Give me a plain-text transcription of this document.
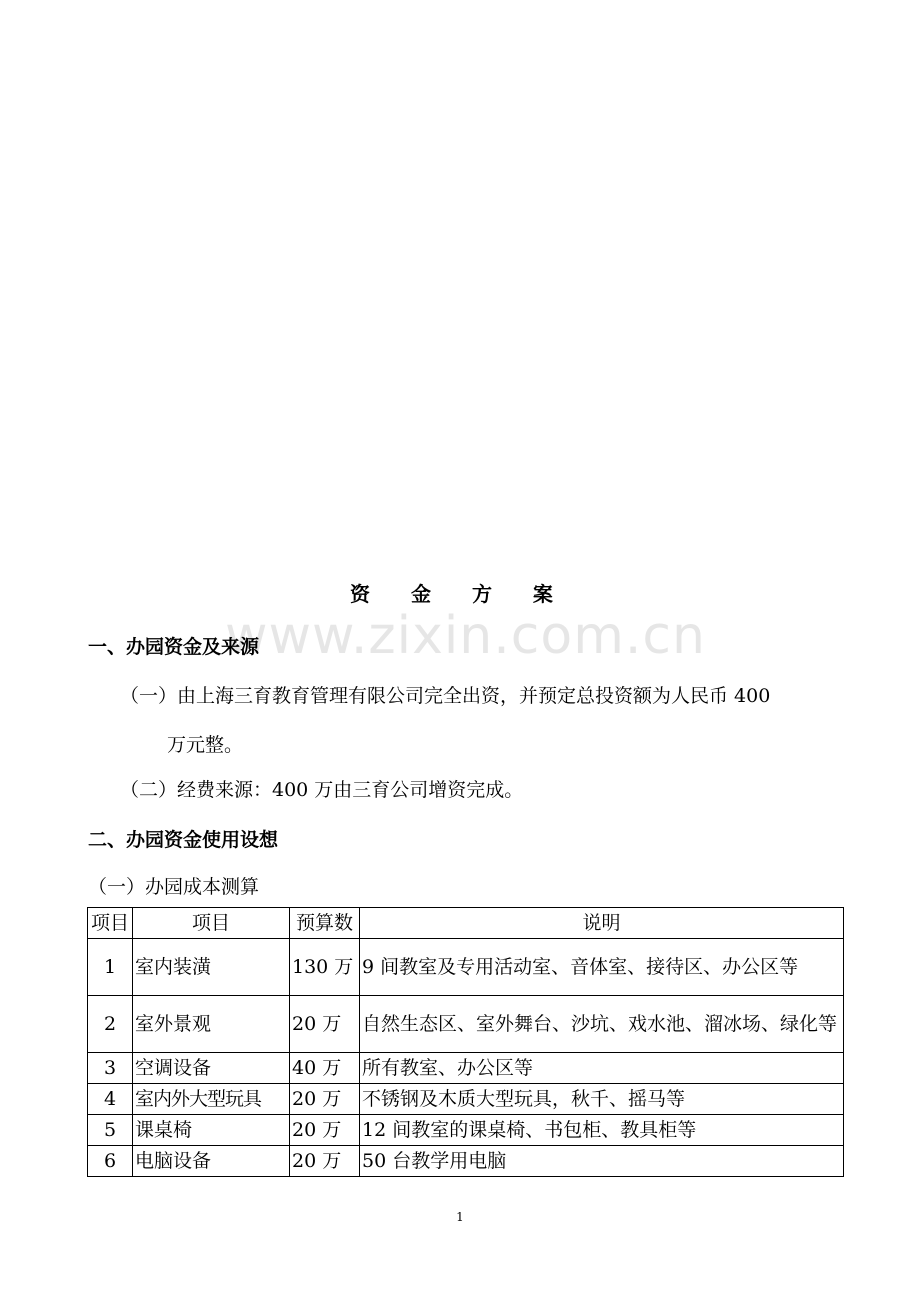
资 金 方 案
www.zixin.com.cn
一、办园资金及来源

（一）由上海三育教育管理有限公司完全出资，并预定总投资额为人民币 400

万元整。

（二）经费来源：400 万由三育公司增资完成。

二、办园资金使用设想

（一）办园成本测算

项目	项目	预算数	说明
1	室内装潢	130 万	9 间教室及专用活动室、音体室、接待区、办公区等
2	室外景观	20 万	自然生态区、室外舞台、沙坑、戏水池、溜冰场、绿化等
3	空调设备	40 万	所有教室、办公区等
4	室内外大型玩具	20 万	不锈钢及木质大型玩具，秋千、摇马等
5	课桌椅	20 万	12 间教室的课桌椅、书包柜、教具柜等
6	电脑设备	20 万	50 台教学用电脑
1
